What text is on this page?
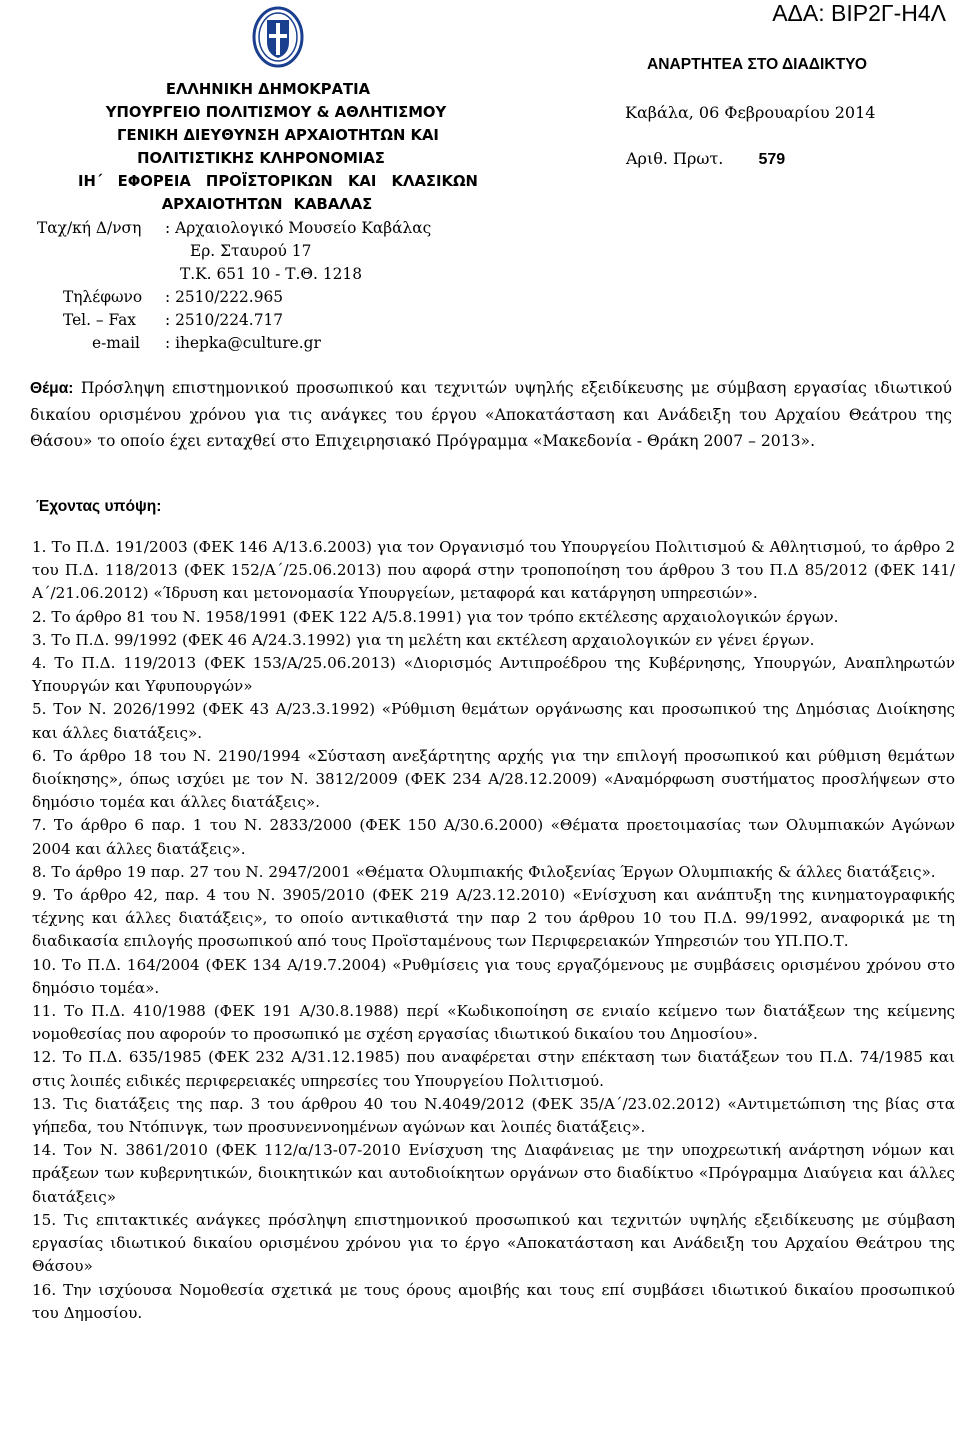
ΑΔΑ: ΒΙΡ2Γ-Η4Λ
ΕΛΛΗΝΙΚΗ ΔΗΜΟΚΡΑΤΙΑ
ΥΠΟΥΡΓΕΙΟ ΠΟΛΙΤΙΣΜΟΥ & ΑΘΛΗΤΙΣΜΟΥ
ΓΕΝΙΚΗ ΔΙΕΥΘΥΝΣΗ ΑΡΧΑΙΟΤΗΤΩΝ ΚΑΙ
ΠΟΛΙΤΙΣΤΙΚΗΣ ΚΛΗΡΟΝΟΜΙΑΣ
ΙΗ΄ ΕΦΟΡΕΙΑ ΠΡΟΪΣΤΟΡΙΚΩΝ ΚΑΙ ΚΛΑΣΙΚΩΝ
ΑΡΧΑΙΟΤΗΤΩΝ ΚΑΒΑΛΑΣ
Ταχ/κή Δ/νση : Αρχαιολογικό Μουσείο Καβάλας
Ερ. Σταυρού 17
Τ.Κ. 651 10 - Τ.Θ. 1218
Τηλέφωνο : 2510/222.965
Tel. – Fax : 2510/224.717
e-mail : ihepka@culture.gr
ΑΝΑΡΤΗΤΕΑ ΣΤΟ ΔΙΑΔΙΚΤΥΟ
Καβάλα, 06 Φεβρουαρίου 2014
Αριθ. Πρωτ. 579
Θέμα: Πρόσληψη επιστημονικού προσωπικού και τεχνιτών υψηλής εξειδίκευσης με σύμβαση εργασίας ιδιωτικού δικαίου ορισμένου χρόνου για τις ανάγκες του έργου «Αποκατάσταση και Ανάδειξη του Αρχαίου Θεάτρου της Θάσου» το οποίο έχει ενταχθεί στο Επιχειρησιακό Πρόγραμμα «Μακεδονία - Θράκη 2007 – 2013».
Έχοντας υπόψη:
1. Το Π.Δ. 191/2003 (ΦΕΚ 146 Α/13.6.2003) για τον Οργανισμό του Υπουργείου Πολιτισμού & Αθλητισμού, το άρθρο 2 του Π.Δ. 118/2013 (ΦΕΚ 152/Α΄/25.06.2013) που αφορά στην τροποποίηση του άρθρου 3 του Π.Δ 85/2012 (ΦΕΚ 141/Α΄/21.06.2012) «Ίδρυση και μετονομασία Υπουργείων, μεταφορά και κατάργηση υπηρεσιών».
2. Το άρθρο 81 του Ν. 1958/1991 (ΦΕΚ 122 Α/5.8.1991) για τον τρόπο εκτέλεσης αρχαιολογικών έργων.
3. Το Π.Δ. 99/1992 (ΦΕΚ 46 Α/24.3.1992) για τη μελέτη και εκτέλεση αρχαιολογικών εν γένει έργων.
4. Το Π.Δ. 119/2013 (ΦΕΚ 153/Α/25.06.2013) «Διορισμός Αντιπροέδρου της Κυβέρνησης, Υπουργών, Αναπληρωτών Υπουργών και Υφυπουργών»
5. Τον Ν. 2026/1992 (ΦΕΚ 43 Α/23.3.1992) «Ρύθμιση θεμάτων οργάνωσης και προσωπικού της Δημόσιας Διοίκησης και άλλες διατάξεις».
6. Το άρθρο 18 του Ν. 2190/1994 «Σύσταση ανεξάρτητης αρχής για την επιλογή προσωπικού και ρύθμιση θεμάτων διοίκησης», όπως ισχύει με τον Ν. 3812/2009 (ΦΕΚ 234 Α/28.12.2009) «Αναμόρφωση συστήματος προσλήψεων στο δημόσιο τομέα και άλλες διατάξεις».
7. Το άρθρο 6 παρ. 1 του Ν. 2833/2000 (ΦΕΚ 150 Α/30.6.2000) «Θέματα προετοιμασίας των Ολυμπιακών Αγώνων 2004 και άλλες διατάξεις».
8. Το άρθρο 19 παρ. 27 του Ν. 2947/2001 «Θέματα Ολυμπιακής Φιλοξενίας Έργων Ολυμπιακής & άλλες διατάξεις».
9. Το άρθρο 42, παρ. 4 του Ν. 3905/2010 (ΦΕΚ 219 Α/23.12.2010) «Ενίσχυση και ανάπτυξη της κινηματογραφικής τέχνης και άλλες διατάξεις», το οποίο αντικαθιστά την παρ 2 του άρθρου 10 του Π.Δ. 99/1992, αναφορικά με τη διαδικασία επιλογής προσωπικού από τους Προϊσταμένους των Περιφερειακών Υπηρεσιών του ΥΠ.ΠΟ.Τ.
10. Το Π.Δ. 164/2004 (ΦΕΚ 134 Α/19.7.2004) «Ρυθμίσεις για τους εργαζόμενους με συμβάσεις ορισμένου χρόνου στο δημόσιο τομέα».
11. Το Π.Δ. 410/1988 (ΦΕΚ 191 Α/30.8.1988) περί «Κωδικοποίηση σε ενιαίο κείμενο των διατάξεων της κείμενης νομοθεσίας που αφορούν το προσωπικό με σχέση εργασίας ιδιωτικού δικαίου του Δημοσίου».
12. Το Π.Δ. 635/1985 (ΦΕΚ 232 Α/31.12.1985) που αναφέρεται στην επέκταση των διατάξεων του Π.Δ. 74/1985 και στις λοιπές ειδικές περιφερειακές υπηρεσίες του Υπουργείου Πολιτισμού.
13. Τις διατάξεις της παρ. 3 του άρθρου 40 του Ν.4049/2012 (ΦΕΚ 35/Α΄/23.02.2012) «Αντιμετώπιση της βίας στα γήπεδα, του Ντόπινγκ, των προσυνεννοημένων αγώνων και λοιπές διατάξεις».
14. Τον Ν. 3861/2010 (ΦΕΚ 112/α/13-07-2010 Ενίσχυση της Διαφάνειας με την υποχρεωτική ανάρτηση νόμων και πράξεων των κυβερνητικών, διοικητικών και αυτοδιοίκητων οργάνων στο διαδίκτυο «Πρόγραμμα Διαύγεια και άλλες διατάξεις»
15. Τις επιτακτικές ανάγκες πρόσληψη επιστημονικού προσωπικού και τεχνιτών υψηλής εξειδίκευσης με σύμβαση εργασίας ιδιωτικού δικαίου ορισμένου χρόνου για το έργο «Αποκατάσταση και Ανάδειξη του Αρχαίου Θεάτρου της Θάσου»
16. Την ισχύουσα Νομοθεσία σχετικά με τους όρους αμοιβής και τους επί συμβάσει ιδιωτικού δικαίου προσωπικού του Δημοσίου.
